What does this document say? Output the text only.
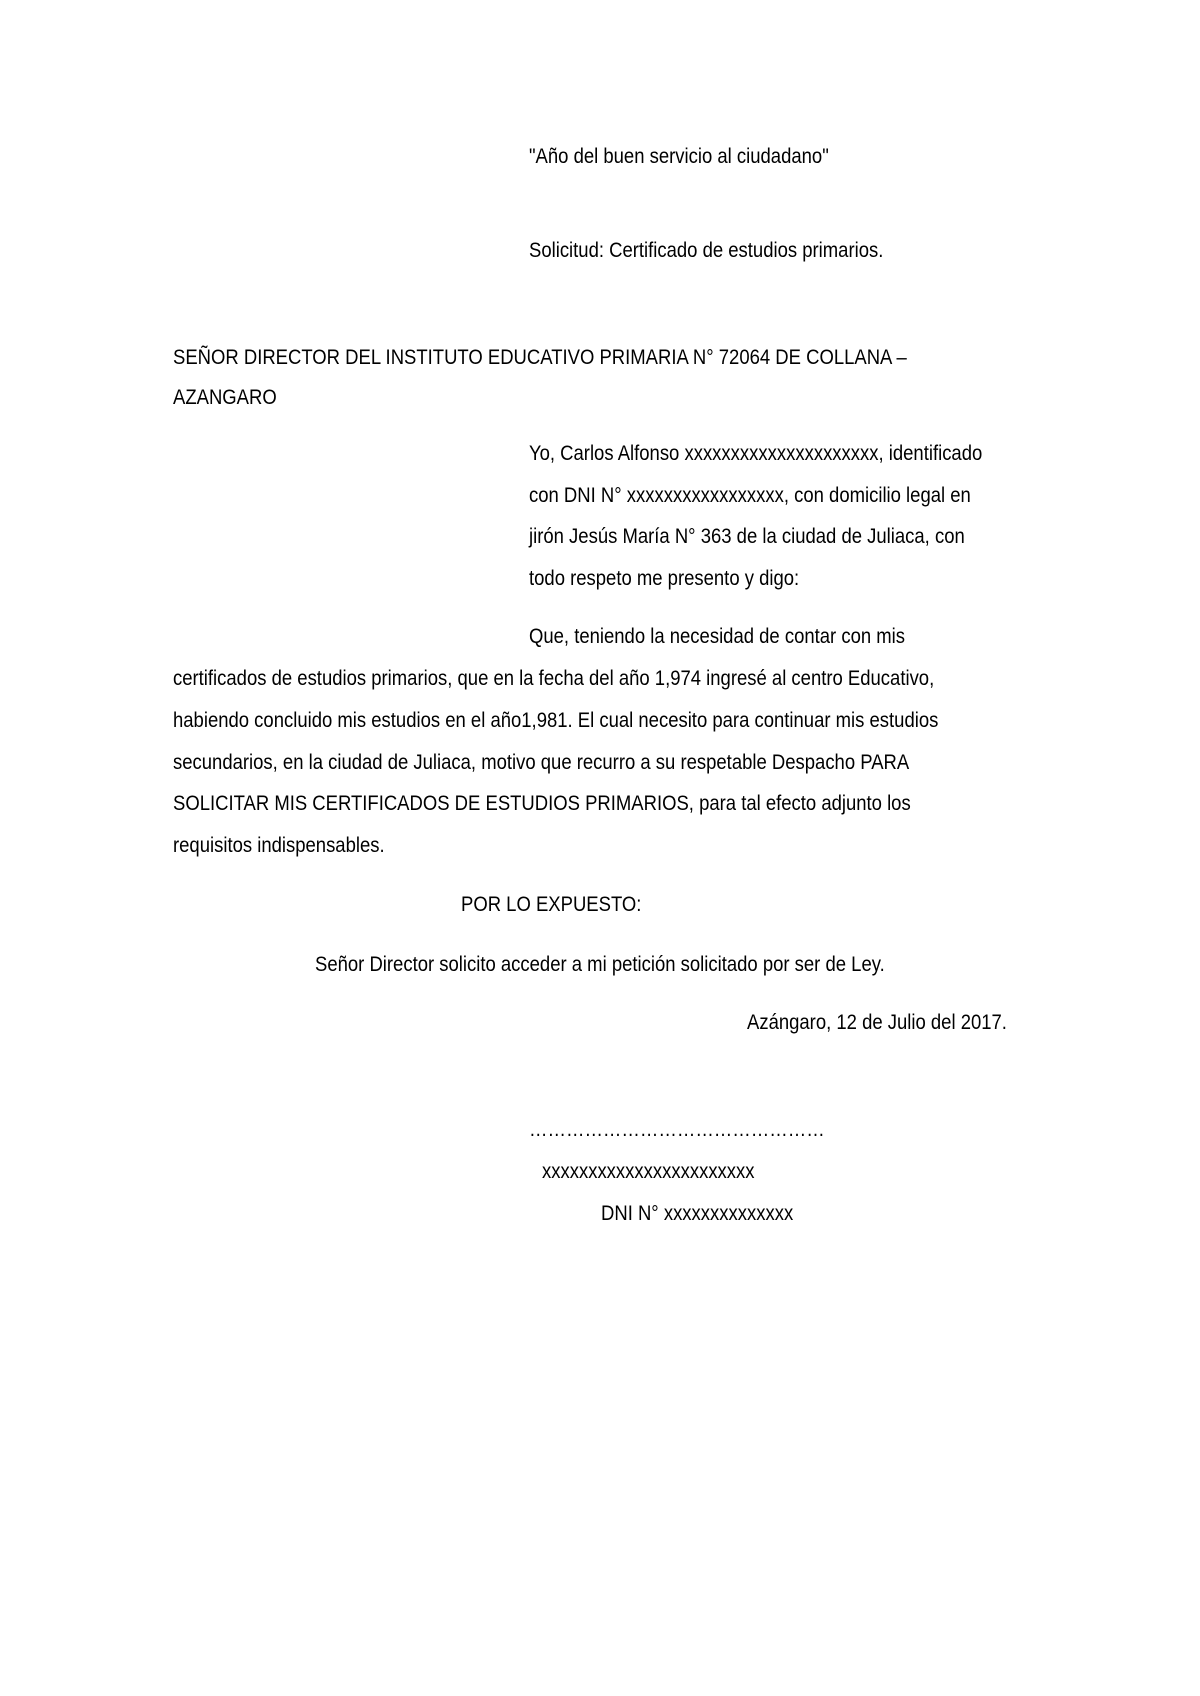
"Año del buen servicio al ciudadano"
Solicitud: Certificado de estudios primarios.
SEÑOR DIRECTOR DEL INSTITUTO EDUCATIVO PRIMARIA N° 72064 DE COLLANA –
AZANGARO
Yo, Carlos Alfonso xxxxxxxxxxxxxxxxxxxxx, identificado
con DNI N° xxxxxxxxxxxxxxxxx, con domicilio legal en
jirón Jesús María N° 363 de la ciudad de Juliaca, con
todo respeto me presento y digo:
Que, teniendo la necesidad de contar con mis
certificados de estudios primarios, que en la fecha del año 1,974 ingresé al centro Educativo,
habiendo concluido mis estudios en el año1,981. El cual necesito para continuar mis estudios
secundarios, en la ciudad de Juliaca, motivo que recurro a su respetable Despacho PARA
SOLICITAR MIS CERTIFICADOS DE ESTUDIOS PRIMARIOS, para tal efecto adjunto los
requisitos indispensables.
POR LO EXPUESTO:
Señor Director solicito acceder a mi petición solicitado por ser de Ley.
Azángaro, 12 de Julio del 2017.
…………………………………………
xxxxxxxxxxxxxxxxxxxxxxx
DNI N° xxxxxxxxxxxxxx
